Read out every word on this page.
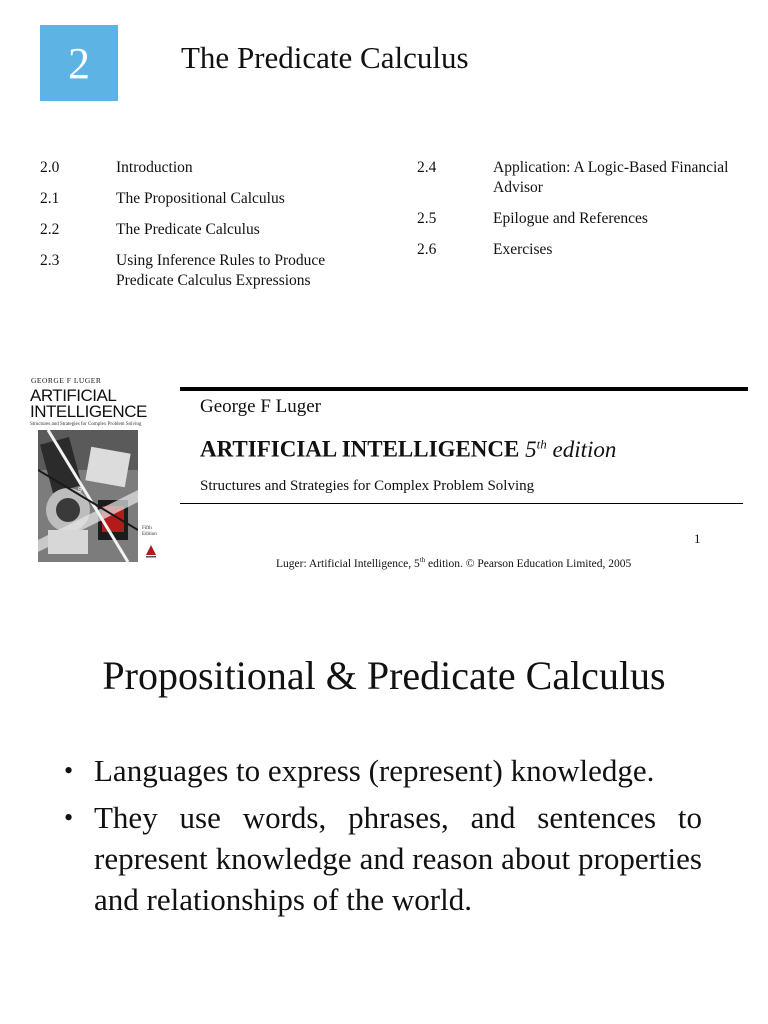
2	The Predicate Calculus
2.0	Introduction
2.1	The Propositional Calculus
2.2	The Predicate Calculus
2.3	Using Inference Rules to Produce Predicate Calculus Expressions
2.4	Application: A Logic-Based Financial Advisor
2.5	Epilogue and References
2.6	Exercises
GEORGE F LUGER
ARTIFICIAL
INTELLIGENCE
Structures and Strategies for Complex Problem Solving
9
Fifth
Edition
George F Luger
ARTIFICIAL INTELLIGENCE 5th edition
Structures and Strategies for Complex Problem Solving
1
Luger: Artificial Intelligence, 5th edition. © Pearson Education Limited, 2005
Propositional & Predicate Calculus
• Languages to express (represent) knowledge.
• They use words, phrases, and sentences to represent knowledge and reason about properties and relationships of the world.
